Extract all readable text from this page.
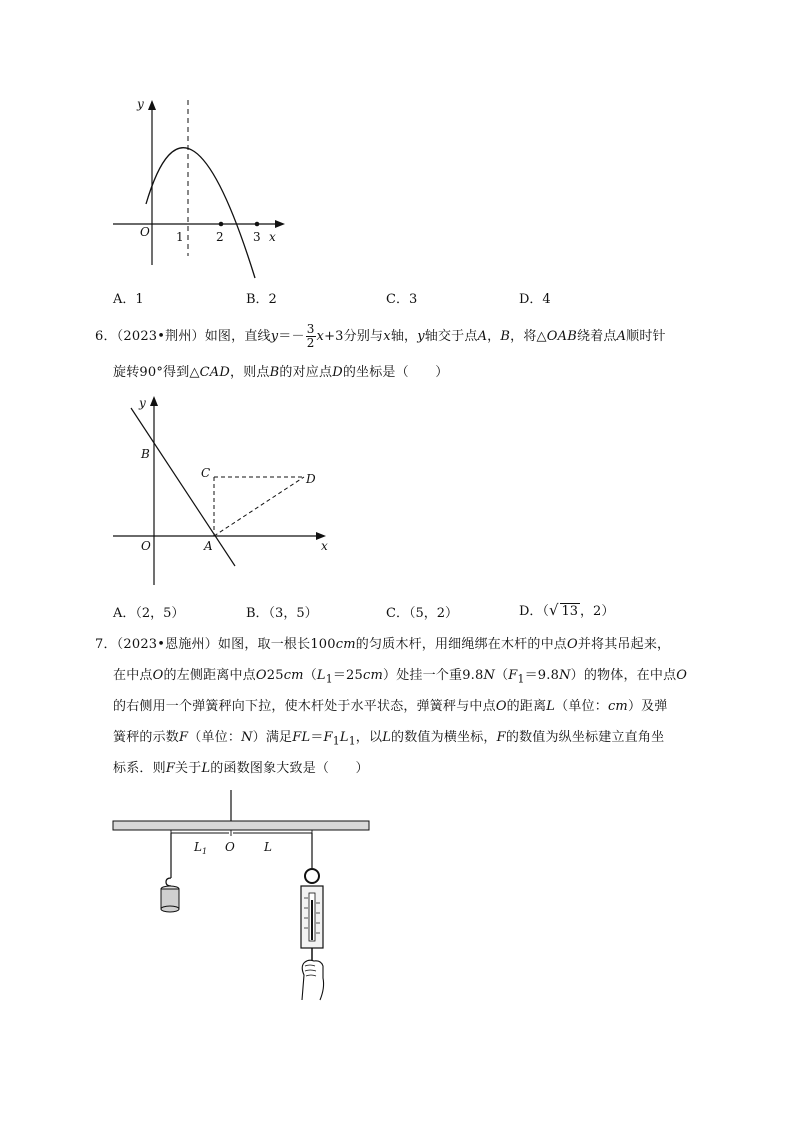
y
x
O 1	2 3
A．1	B．2	C．3	D．4
6．（2023•荆州）如图，直线$y=- \frac{3}{2} x+3$分别与x轴，y轴交于点A，B，将△OAB绕着点A顺时针
旋转90°得到△CAD，则点B的对应点D的坐标是（　　）
y
x
B
C	D
O	A
A．（2，5）	B．（3，5）	C．（5，2）	D．（√ 13 ，2）
7．（2023•恩施州）如图，取一根长100cm的匀质木杆，用细绳绑在木杆的中点O并将其吊起来，
在中点O的左侧距离中点$O25cm(L_1=25cm)$处挂一个重$9.8N(F_1=9.8N)$的物体，在中点O
的右侧用一个弹簧秤向下拉，使木杆处于水平状态，弹簧秤与中点O的距离L（单位：cm）及弹
簧秤的示数F（单位：N）满足$FL=F_1L_1$，以L的数值为横坐标，F的数值为纵坐标建立直角坐
标系．则F关于L的函数图象大致是（　　）
$L_1$ O L
